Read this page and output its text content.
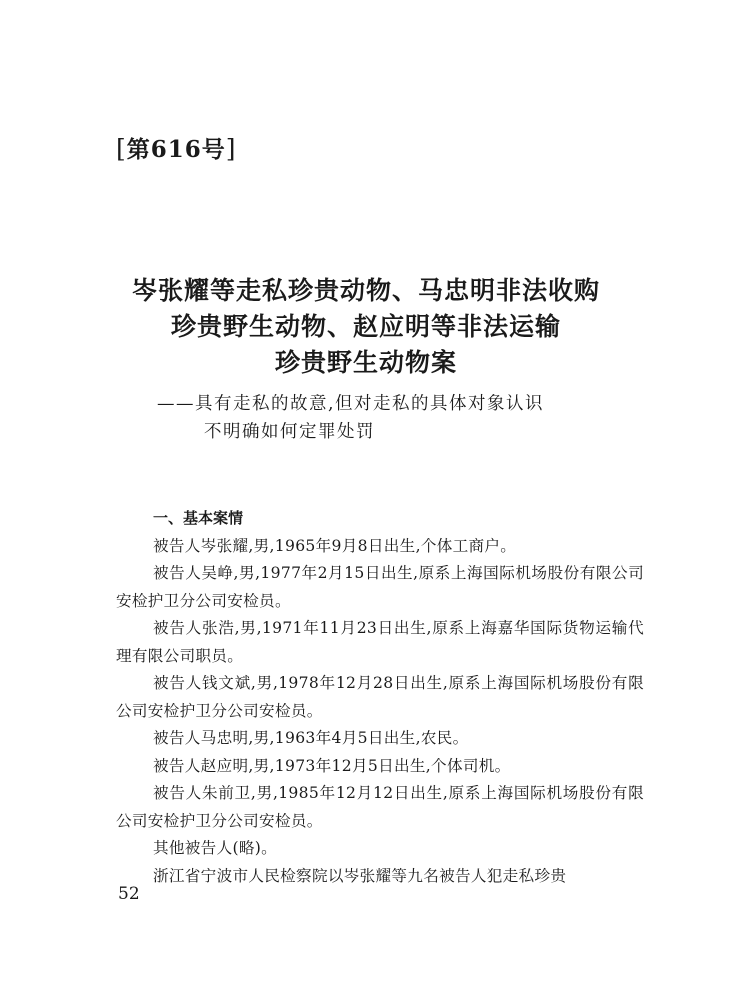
[第616号]
岑张耀等走私珍贵动物、马忠明非法收购
珍贵野生动物、赵应明等非法运输
珍贵野生动物案
——具有走私的故意,但对走私的具体对象认识
不明确如何定罪处罚
一、基本案情
被告人岑张耀,男,1965年9月8日出生,个体工商户。
被告人吴峥,男,1977年2月15日出生,原系上海国际机场股份有限公司安检护卫分公司安检员。
被告人张浩,男,1971年11月23日出生,原系上海嘉华国际货物运输代理有限公司职员。
被告人钱文斌,男,1978年12月28日出生,原系上海国际机场股份有限公司安检护卫分公司安检员。
被告人马忠明,男,1963年4月5日出生,农民。
被告人赵应明,男,1973年12月5日出生,个体司机。
被告人朱前卫,男,1985年12月12日出生,原系上海国际机场股份有限公司安检护卫分公司安检员。
其他被告人(略)。
浙江省宁波市人民检察院以岑张耀等九名被告人犯走私珍贵
52
